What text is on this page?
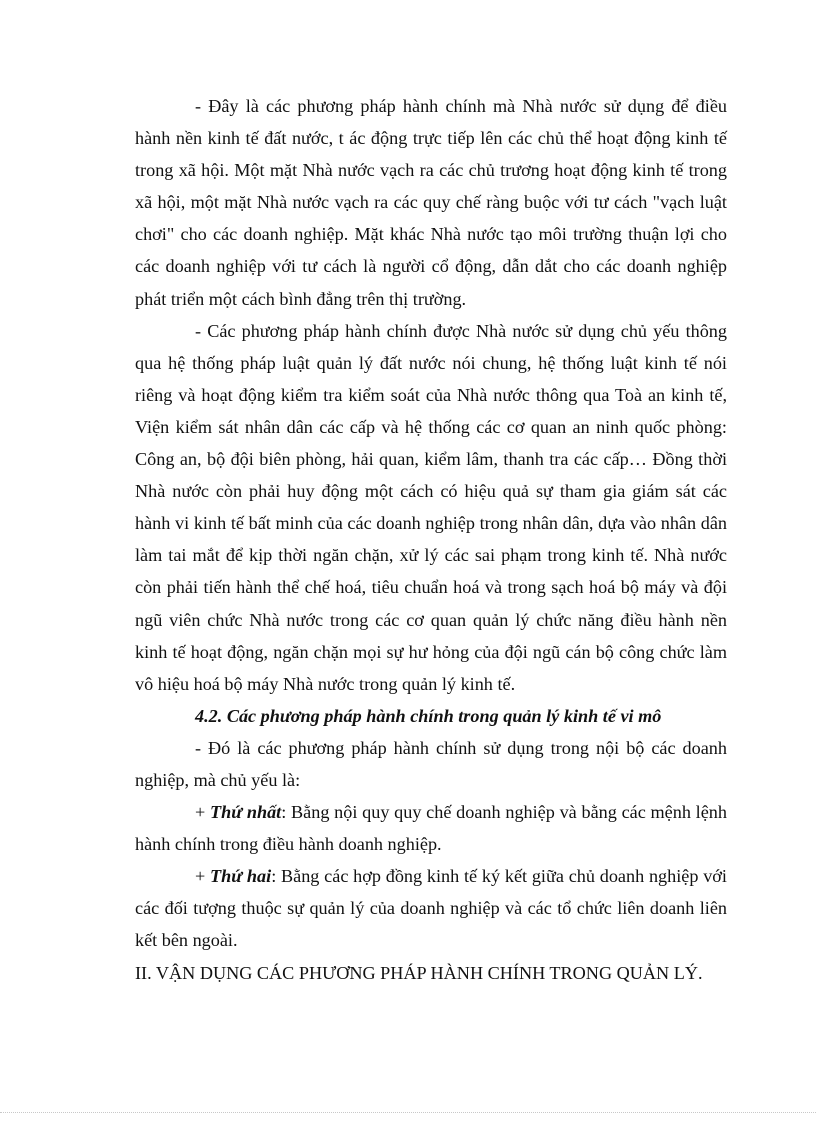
- Đây là các phương pháp hành chính mà Nhà nước sử dụng để điều hành nền kinh tế đất nước, t ác động trực tiếp lên các chủ thể hoạt động kinh tế trong xã hội. Một mặt Nhà nước vạch ra các chủ trương hoạt động kinh tế trong xã hội, một mặt Nhà nước vạch ra các quy chế ràng buộc với tư cách "vạch luật chơi" cho các doanh nghiệp. Mặt khác Nhà nước tạo môi trường thuận lợi cho các doanh nghiệp với tư cách là người cổ động, dẫn dắt cho các doanh nghiệp phát triển một cách bình đẳng trên thị trường.

- Các phương pháp hành chính được Nhà nước sử dụng chủ yếu thông qua hệ thống pháp luật quản lý đất nước nói chung, hệ thống luật kinh tế nói riêng và hoạt động kiểm tra kiểm soát của Nhà nước thông qua Toà an kinh tế, Viện kiểm sát nhân dân các cấp và hệ thống các cơ quan an ninh quốc phòng: Công an, bộ đội biên phòng, hải quan, kiểm lâm, thanh tra các cấp… Đồng thời Nhà nước còn phải huy động một cách có hiệu quả sự tham gia giám sát các hành vi kinh tế bất minh của các doanh nghiệp trong nhân dân, dựa vào nhân dân làm tai mắt để kịp thời ngăn chặn, xử lý các sai phạm trong kinh tế. Nhà nước còn phải tiến hành thể chế hoá, tiêu chuẩn hoá và trong sạch hoá bộ máy và đội ngũ viên chức Nhà nước trong các cơ quan quản lý chức năng điều hành nền kinh tế hoạt động, ngăn chặn mọi sự hư hỏng của đội ngũ cán bộ công chức làm vô hiệu hoá bộ máy Nhà nước trong quản lý kinh tế.

4.2. Các phương pháp hành chính trong quản lý kinh tế vi mô

- Đó là các phương pháp hành chính sử dụng trong nội bộ các doanh nghiệp, mà chủ yếu là:

+ Thứ nhất: Bằng nội quy quy chế doanh nghiệp và bằng các mệnh lệnh hành chính trong điều hành doanh nghiệp.

+ Thứ hai: Bằng các hợp đồng kinh tế ký kết giữa chủ doanh nghiệp với các đối tượng thuộc sự quản lý của doanh nghiệp và các tổ chức liên doanh liên kết bên ngoài.

II. VẬN DỤNG CÁC PHƯƠNG PHÁP HÀNH CHÍNH TRONG QUẢN LÝ.
